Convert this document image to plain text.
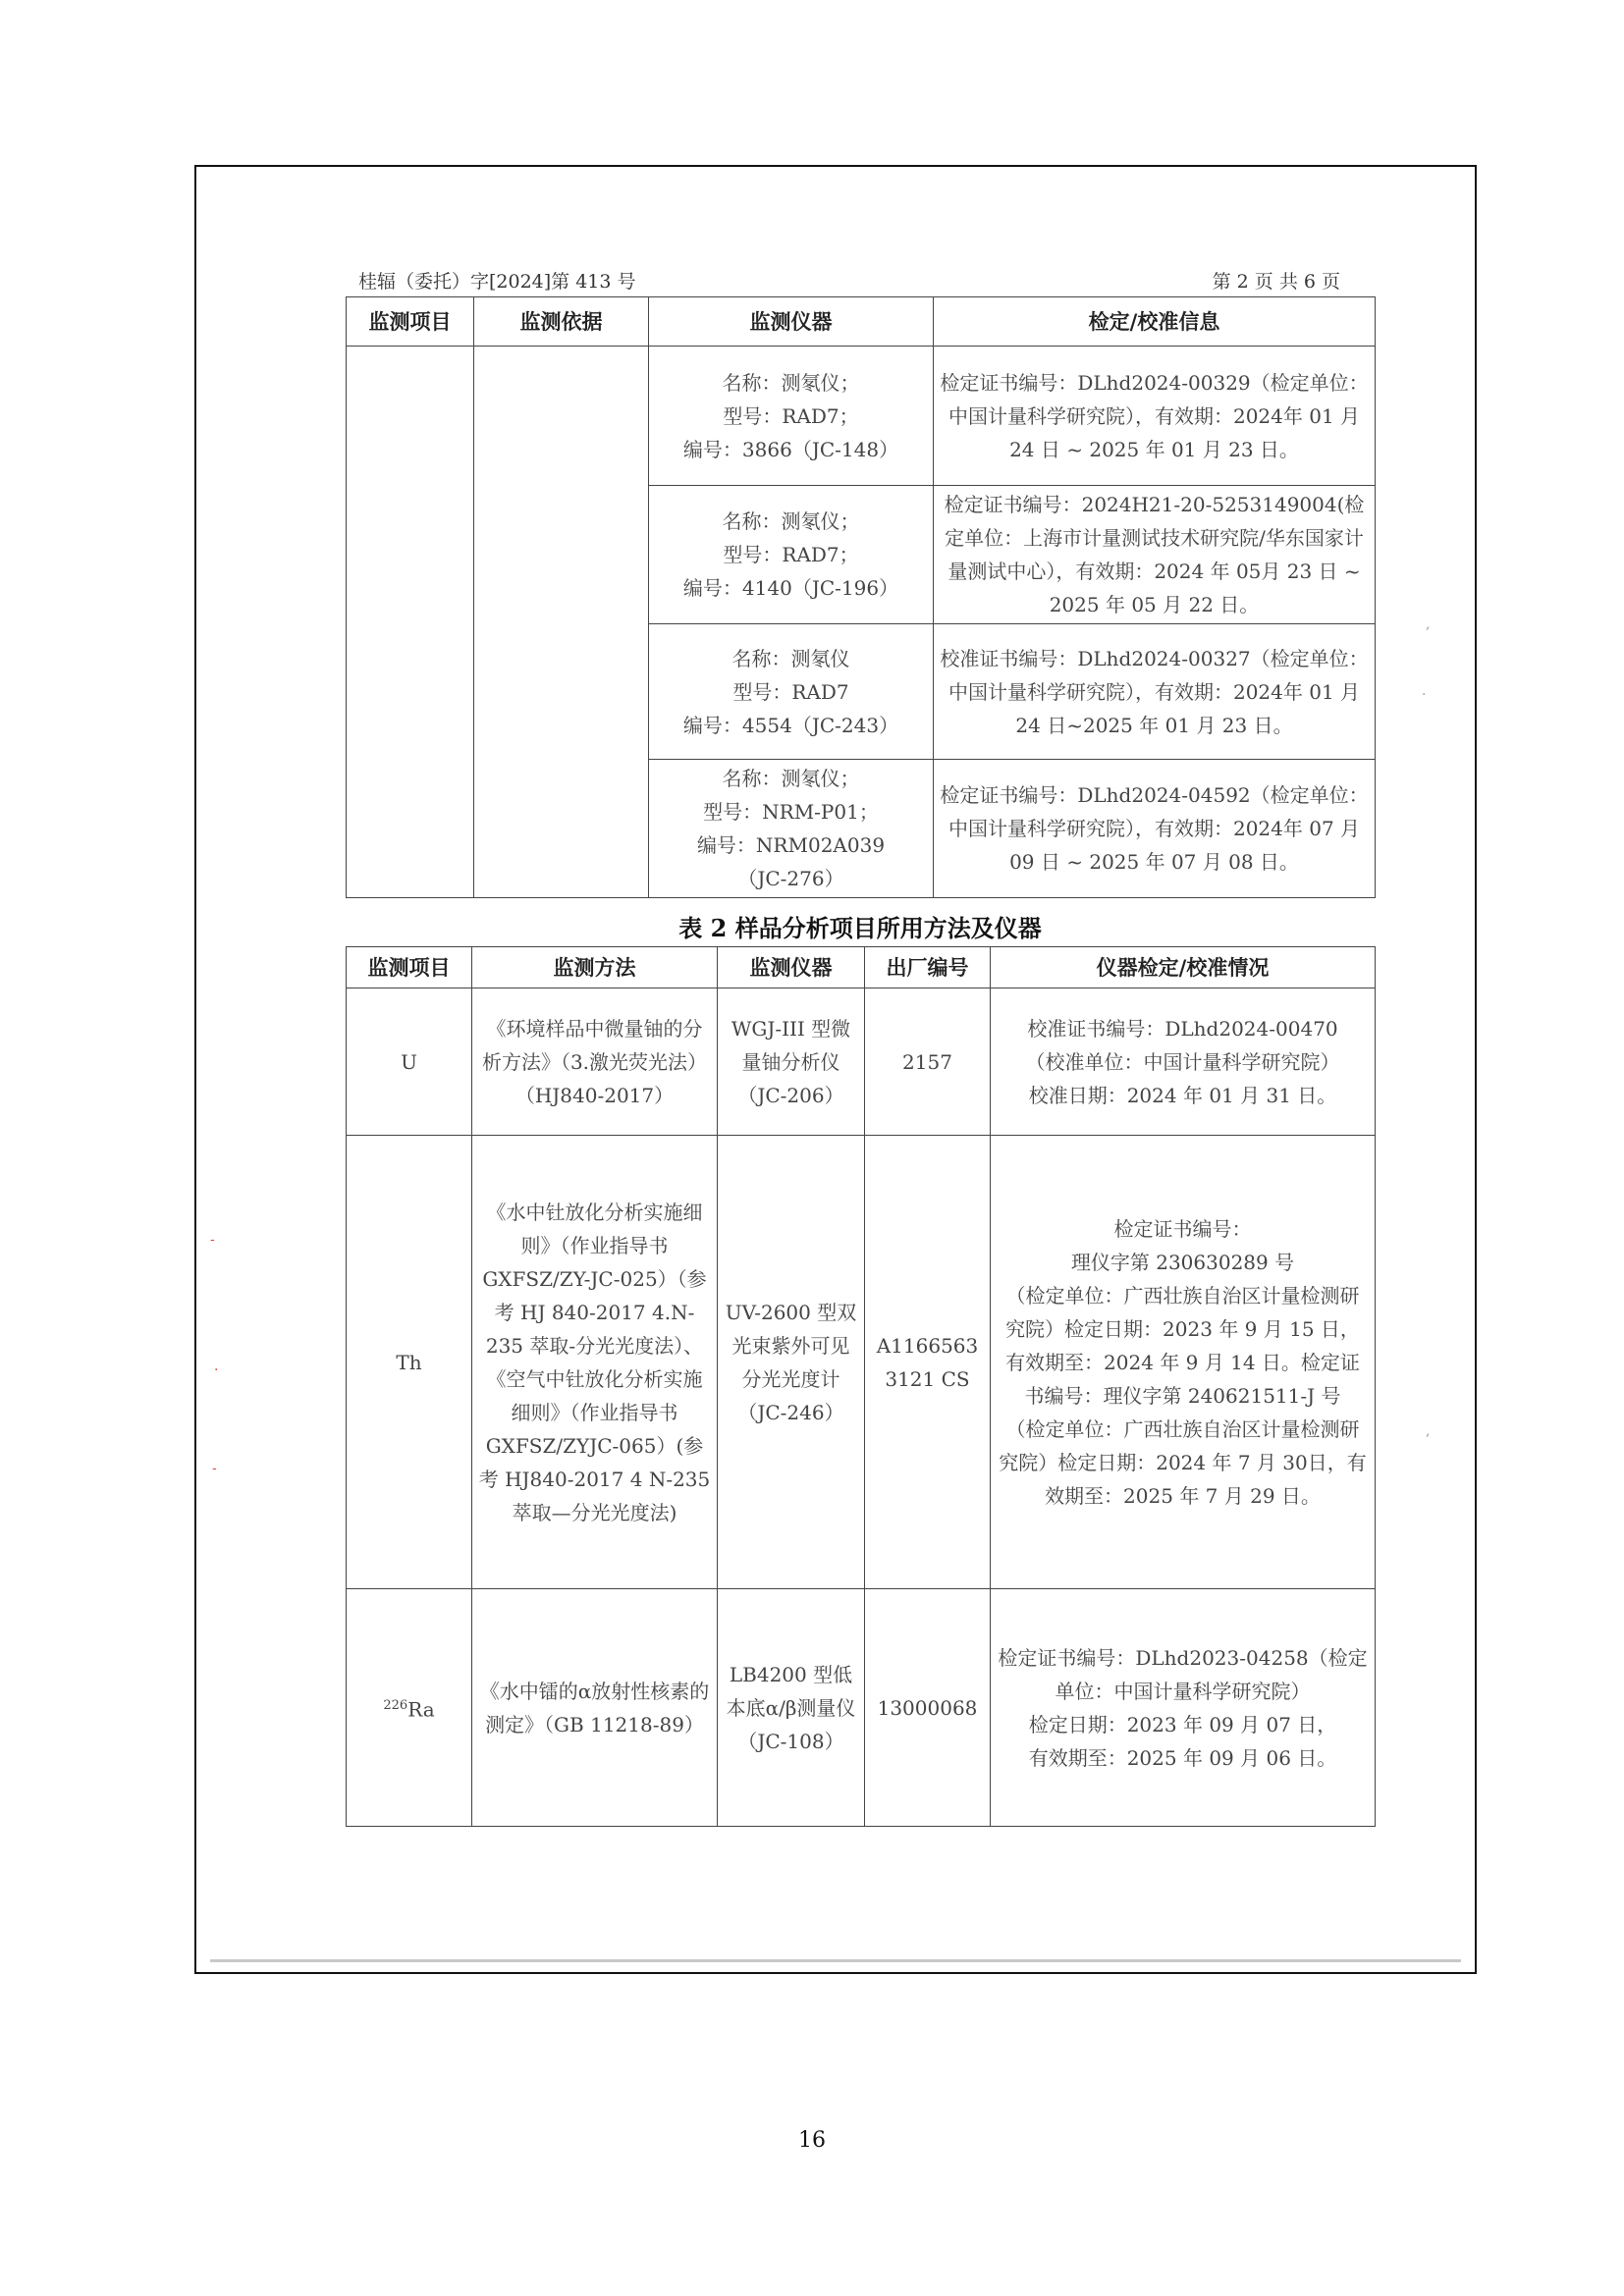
桂辐（委托）字[2024]第 413 号	第 2 页 共 6 页
监测项目	监测依据	监测仪器	检定/校准信息

		名称：测氡仪；
型号：RAD7；
编号：3866（JC-148）	检定证书编号：DLhd2024-00329（检定单位：中国计量科学研究院），有效期：2024年 01 月 24 日 ~ 2025 年 01 月 23 日。

		名称：测氡仪；
型号：RAD7；
编号：4140（JC-196）	检定证书编号：2024H21-20-5253149004(检定单位：上海市计量测试技术研究院/华东国家计量测试中心），有效期：2024 年 05月 23 日 ~ 2025 年 05 月 22 日。

		名称：测氡仪
型号：RAD7
编号：4554（JC-243）	校准证书编号：DLhd2024-00327（检定单位：中国计量科学研究院），有效期：2024年 01 月 24 日~2025 年 01 月 23 日。

		名称：测氡仪；
型号：NRM-P01；
编号：NRM02A039
（JC-276）	检定证书编号：DLhd2024-04592（检定单位：中国计量科学研究院），有效期：2024年 07 月 09 日 ~ 2025 年 07 月 08 日。
表 2 样品分析项目所用方法及仪器
监测项目	监测方法	监测仪器	出厂编号	仪器检定/校准情况
U	《环境样品中微量铀的分析方法》（3.激光荧光法）（HJ840-2017）	WGJ-III 型微量铀分析仪（JC-206）	2157	校准证书编号：DLhd2024-00470
（校准单位：中国计量科学研究院）
校准日期：2024 年 01 月 31 日。

Th	《水中钍放化分析实施细则》（作业指导书GXFSZ/ZY-JC-025）（参考 HJ 840-2017 4.N-235 萃取-分光光度法）、《空气中钍放化分析实施细则》（作业指导书GXFSZ/ZYJC-065）(参考 HJ840-2017 4 N-235萃取—分光光度法)	UV-2600 型双光束紫外可见分光光度计（JC-246）	A1166563
3121 CS	检定证书编号：
理仪字第 230630289 号
（检定单位：广西壮族自治区计量检测研究院）检定日期：2023 年 9 月 15 日，有效期至：2024 年 9 月 14 日。检定证书编号：理仪字第 240621511-J 号
（检定单位：广西壮族自治区计量检测研究院）检定日期：2024 年 7 月 30日，有效期至：2025 年 7 月 29 日。

$^{226}$Ra	《水中镭的α放射性核素的测定》（GB 11218-89）	LB4200 型低本底α/β测量仪（JC-108）	13000068	检定证书编号：DLhd2023-04258（检定单位：中国计量科学研究院）
检定日期：2023 年 09 月 07 日，
有效期至：2025 年 09 月 06 日。
-
·
-
,
·
,
16
